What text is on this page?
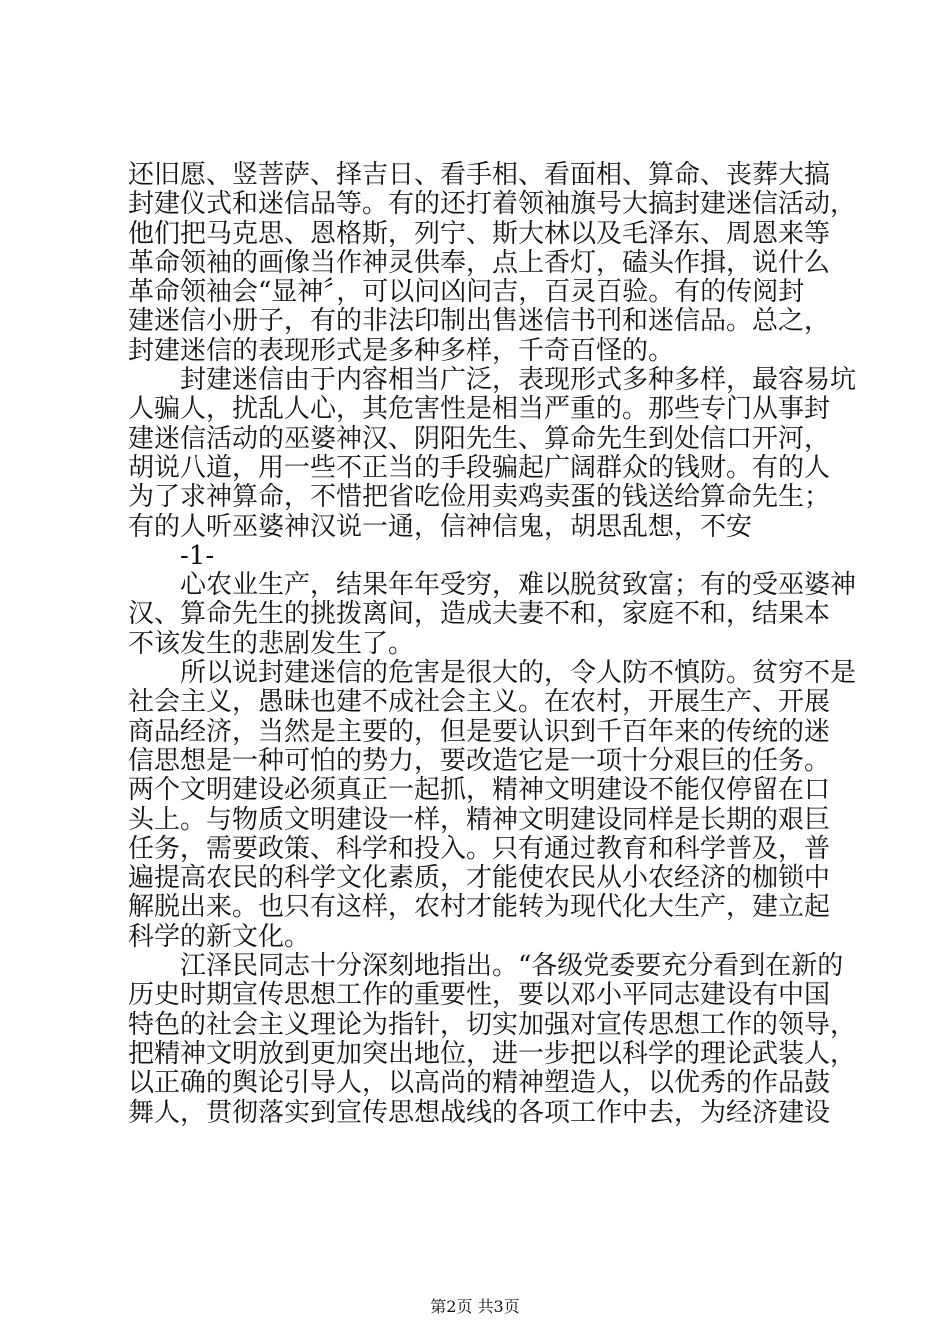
还旧愿、竖菩萨、择吉日、看手相、看面相、算命、丧葬大搞
封建仪式和迷信品等。有的还打着领袖旗号大搞封建迷信活动，
他们把马克思、恩格斯，列宁、斯大林以及毛泽东、周恩来等
革命领袖的画像当作神灵供奉，点上香灯，磕头作揖，说什么
革命领袖会“显神〞，可以问凶问吉，百灵百验。有的传阅封
建迷信小册子，有的非法印制出售迷信书刊和迷信品。总之，
封建迷信的表现形式是多种多样，千奇百怪的。
封建迷信由于内容相当广泛，表现形式多种多样，最容易坑
人骗人，扰乱人心，其危害性是相当严重的。那些专门从事封
建迷信活动的巫婆神汉、阴阳先生、算命先生到处信口开河，
胡说八道，用一些不正当的手段骗起广阔群众的钱财。有的人
为了求神算命，不惜把省吃俭用卖鸡卖蛋的钱送给算命先生；
有的人听巫婆神汉说一通，信神信鬼，胡思乱想，不安
-1-
心农业生产，结果年年受穷，难以脱贫致富；有的受巫婆神
汉、算命先生的挑拨离间，造成夫妻不和，家庭不和，结果本
不该发生的悲剧发生了。
所以说封建迷信的危害是很大的，令人防不慎防。贫穷不是
社会主义，愚昧也建不成社会主义。在农村，开展生产、开展
商品经济，当然是主要的，但是要认识到千百年来的传统的迷
信思想是一种可怕的势力，要改造它是一项十分艰巨的任务。
两个文明建设必须真正一起抓，精神文明建设不能仅停留在口
头上。与物质文明建设一样，精神文明建设同样是长期的艰巨
任务，需要政策、科学和投入。只有通过教育和科学普及，普
遍提高农民的科学文化素质，才能使农民从小农经济的枷锁中
解脱出来。也只有这样，农村才能转为现代化大生产，建立起
科学的新文化。
江泽民同志十分深刻地指出。“各级党委要充分看到在新的
历史时期宣传思想工作的重要性，要以邓小平同志建设有中国
特色的社会主义理论为指针，切实加强对宣传思想工作的领导，
把精神文明放到更加突出地位，进一步把以科学的理论武装人，
以正确的舆论引导人，以高尚的精神塑造人，以优秀的作品鼓
舞人，贯彻落实到宣传思想战线的各项工作中去，为经济建设
第2页 共3页
